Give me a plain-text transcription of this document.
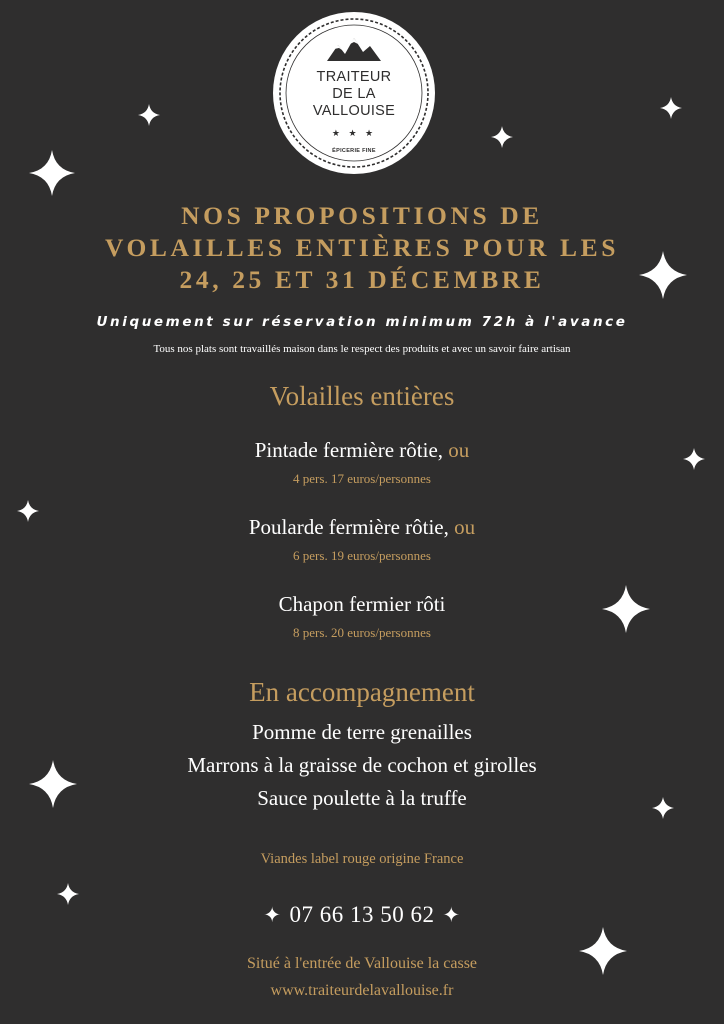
TRAITEUR
DE LA
VALLOUISE
★ ★ ★
ÉPICERIE FINE
NOS PROPOSITIONS DE
VOLAILLES ENTIÈRES POUR LES
24, 25 ET 31 DÉCEMBRE
Uniquement sur réservation minimum 72h à l'avance
Tous nos plats sont travaillés maison dans le respect des produits et avec un savoir faire artisan
Volailles entières
Pintade fermière rôtie, ou
4 pers. 17 euros/personnes
Poularde fermière rôtie, ou
6 pers. 19 euros/personnes
Chapon fermier rôti
8 pers. 20 euros/personnes
En accompagnement
Pomme de terre grenailles
Marrons à la graisse de cochon et girolles
Sauce poulette à la truffe
Viandes label rouge origine France
✦ 07 66 13 50 62 ✦
Situé à l'entrée de Vallouise la casse
www.traiteurdelavallouise.fr
